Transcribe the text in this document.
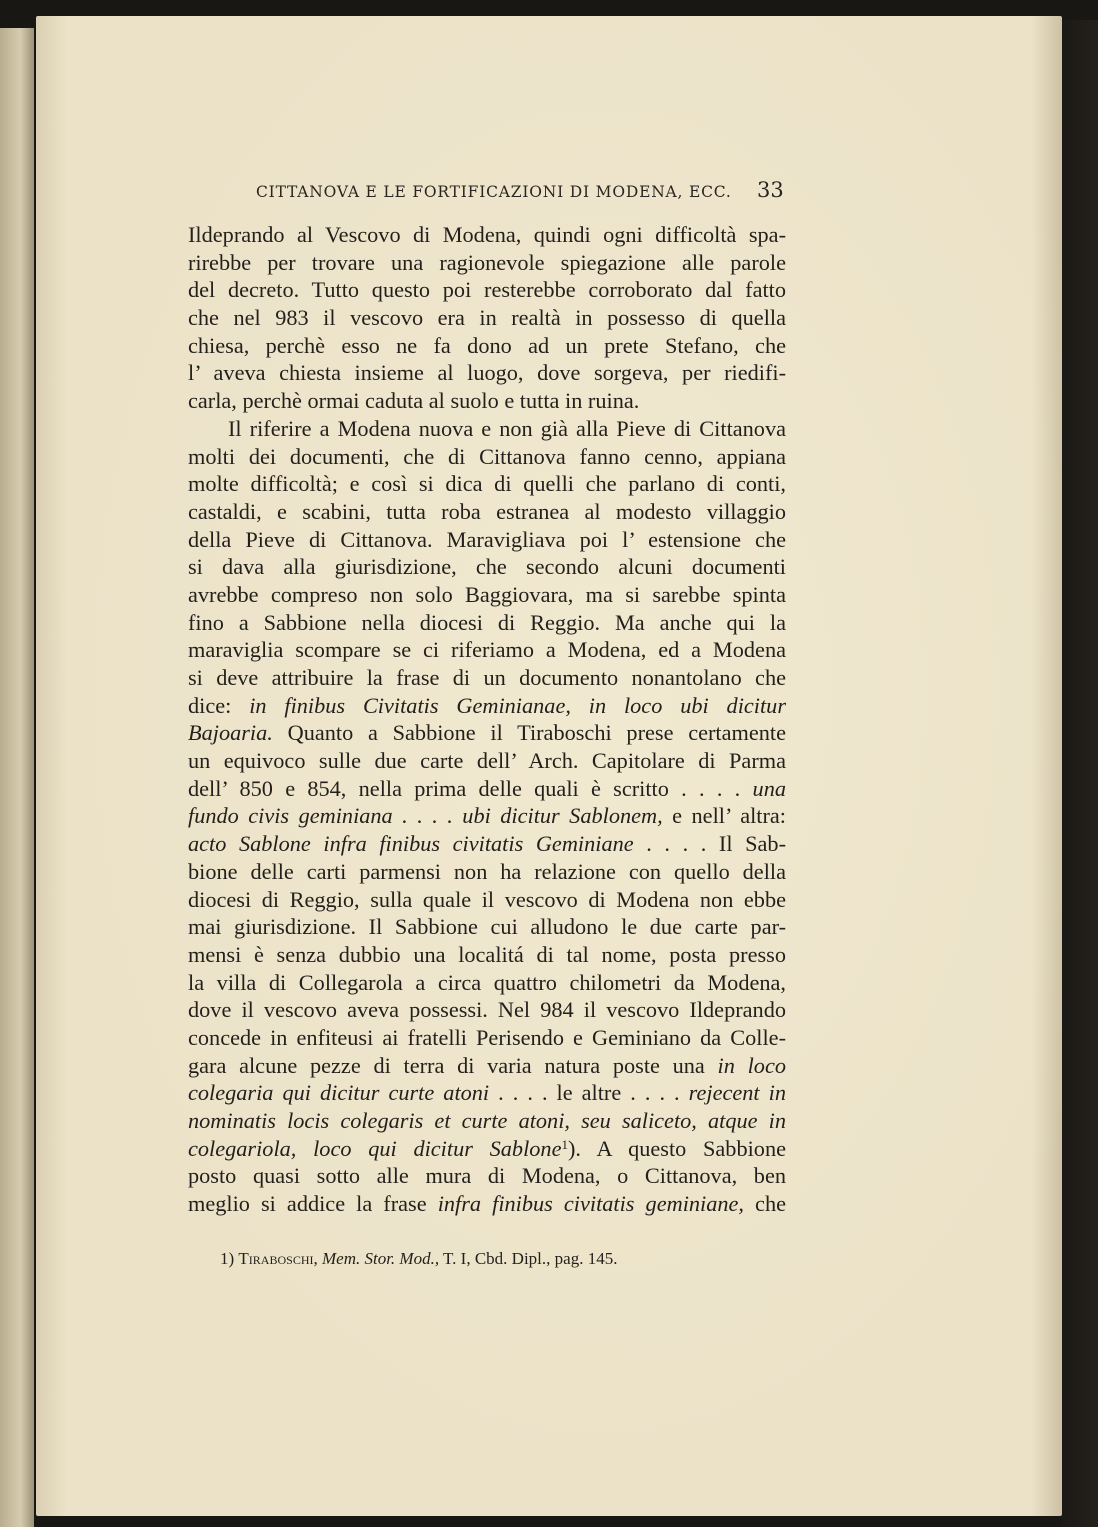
CITTANOVA E LE FORTIFICAZIONI DI MODENA, ECC.	33
Ildeprando al Vescovo di Modena, quindi ogni difficoltà spa-
rirebbe per trovare una ragionevole spiegazione alle parole
del decreto. Tutto questo poi resterebbe corroborato dal fatto
che nel 983 il vescovo era in realtà in possesso di quella
chiesa, perchè esso ne fa dono ad un prete Stefano, che
l’ aveva chiesta insieme al luogo, dove sorgeva, per riedifi-
carla, perchè ormai caduta al suolo e tutta in ruina.
Il riferire a Modena nuova e non già alla Pieve di Cittanova
molti dei documenti, che di Cittanova fanno cenno, appiana
molte difficoltà; e così si dica di quelli che parlano di conti,
castaldi, e scabini, tutta roba estranea al modesto villaggio
della Pieve di Cittanova. Maravigliava poi l’ estensione che
si dava alla giurisdizione, che secondo alcuni documenti
avrebbe compreso non solo Baggiovara, ma si sarebbe spinta
fino a Sabbione nella diocesi di Reggio. Ma anche qui la
maraviglia scompare se ci riferiamo a Modena, ed a Modena
si deve attribuire la frase di un documento nonantolano che
dice: in finibus Civitatis Geminianae, in loco ubi dicitur
Bajoaria. Quanto a Sabbione il Tiraboschi prese certamente
un equivoco sulle due carte dell’ Arch. Capitolare di Parma
dell’ 850 e 854, nella prima delle quali è scritto . . . . una
fundo civis geminiana . . . . ubi dicitur Sablonem, e nell’ altra:
acto Sablone infra finibus civitatis Geminiane . . . . Il Sab-
bione delle carti parmensi non ha relazione con quello della
diocesi di Reggio, sulla quale il vescovo di Modena non ebbe
mai giurisdizione. Il Sabbione cui alludono le due carte par-
mensi è senza dubbio una localitá di tal nome, posta presso
la villa di Collegarola a circa quattro chilometri da Modena,
dove il vescovo aveva possessi. Nel 984 il vescovo Ildeprando
concede in enfiteusi ai fratelli Perisendo e Geminiano da Colle-
gara alcune pezze di terra di varia natura poste una in loco
colegaria qui dicitur curte atoni . . . . le altre . . . . rejecent in
nominatis locis colegaris et curte atoni, seu saliceto, atque in
colegariola, loco qui dicitur Sablone$^1$). A questo Sabbione
posto quasi sotto alle mura di Modena, o Cittanova, ben
meglio si addice la frase infra finibus civitatis geminiane, che
1) Tiraboschi, Mem. Stor. Mod., T. I, Cbd. Dipl., pag. 145.
